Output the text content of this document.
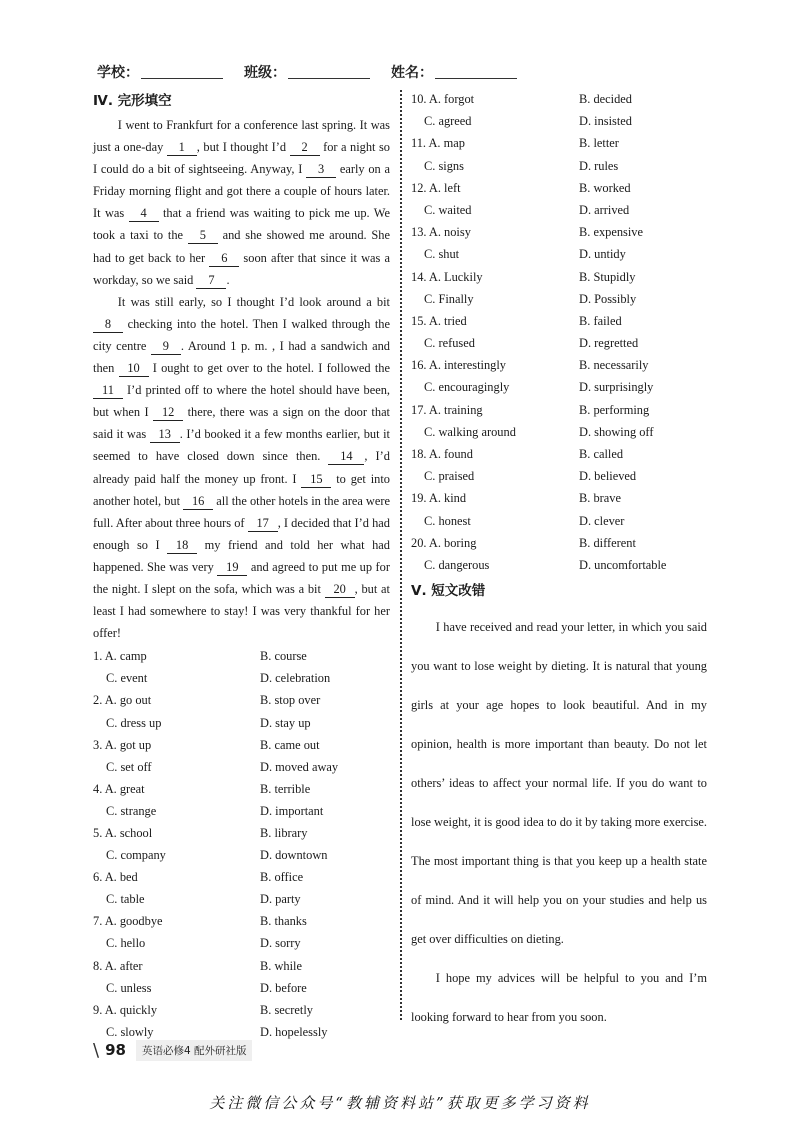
学校：	班级：	姓名：
Ⅳ. 完形填空

I went to Frankfurt for a conference last spring. It was just a one-day 1 , but I thought I’d 2 for a night so I could do a bit of sightseeing. Anyway, I 3 early on a Friday morning flight and got there a couple of hours later. It was 4 that a friend was waiting to pick me up. We took a taxi to the 5 and she showed me around. She had to get back to her 6 soon after that since it was a workday, so we said 7 .

It was still early, so I thought I’d look around a bit 8 checking into the hotel. Then I walked through the city centre 9 . Around 1 p. m. , I had a sandwich and then 10 I ought to get over to the hotel. I followed the 11 I’d printed off to where the hotel should have been, but when I 12 there, there was a sign on the door that said it was 13 . I’d booked it a few months earlier, but it seemed to have closed down since then. 14 , I’d already paid half the money up front. I 15 to get into another hotel, but 16 all the other hotels in the area were full. After about three hours of 17 , I decided that I’d had enough so I 18 my friend and told her what had happened. She was very 19 and agreed to put me up for the night. I slept on the sofa, which was a bit 20 , but at least I had somewhere to stay! I was very thankful for her offer!

1. A. camp	B. course
C. event	D. celebration
2. A. go out	B. stop over
C. dress up	D. stay up
3. A. got up	B. came out
C. set off	D. moved away
4. A. great	B. terrible
C. strange	D. important
5. A. school	B. library
C. company	D. downtown
6. A. bed	B. office
C. table	D. party
7. A. goodbye	B. thanks
C. hello	D. sorry
8. A. after	B. while
C. unless	D. before
9. A. quickly	B. secretly
C. slowly	D. hopelessly
10. A. forgot	B. decided
C. agreed	D. insisted
11. A. map	B. letter
C. signs	D. rules
12. A. left	B. worked
C. waited	D. arrived
13. A. noisy	B. expensive
C. shut	D. untidy
14. A. Luckily	B. Stupidly
C. Finally	D. Possibly
15. A. tried	B. failed
C. refused	D. regretted
16. A. interestingly	B. necessarily
C. encouragingly	D. surprisingly
17. A. training	B. performing
C. walking around	D. showing off
18. A. found	B. called
C. praised	D. believed
19. A. kind	B. brave
C. honest	D. clever
20. A. boring	B. different
C. dangerous	D. uncomfortable
Ⅴ. 短文改错

I have received and read your letter, in which you said you want to lose weight by dieting. It is natural that young girls at your age hopes to look beautiful. And in my opinion, health is more important than beauty. Do not let others’ ideas to affect your normal life. If you do want to lose weight, it is good idea to do it by taking more exercise. The most important thing is that you keep up a health state of mind. And it will help you on your studies and help us get over difficulties on dieting.

I hope my advices will be helpful to you and I’m looking forward to hear from you soon.

\ 98	英语必修4 配外研社版
关注微信公众号“教辅资料站”获取更多学习资料
